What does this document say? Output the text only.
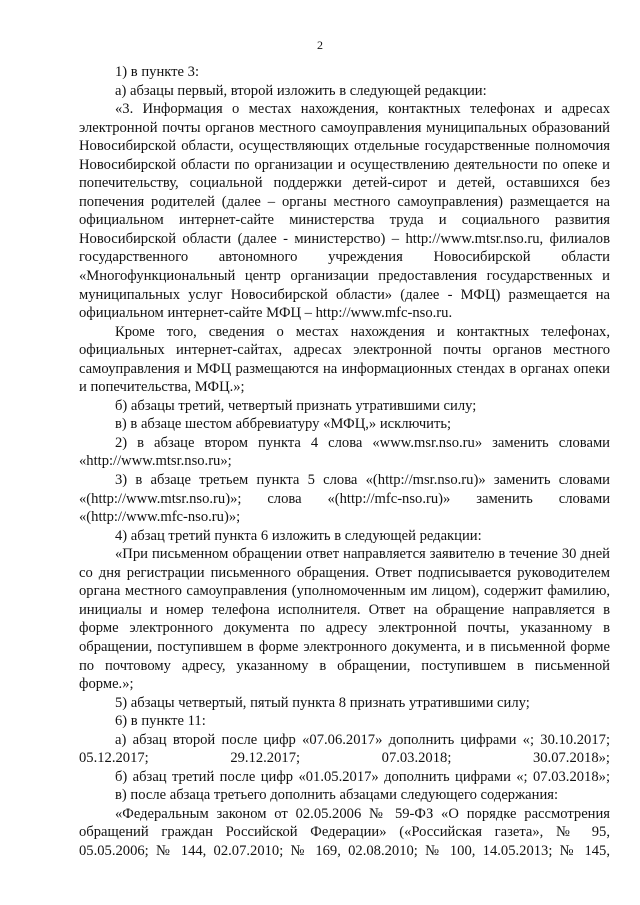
2

1) в пункте 3:

а) абзацы первый, второй изложить в следующей редакции:

«3. Информация о местах нахождения, контактных телефонах и адресах электронной почты органов местного самоуправления муниципальных образований Новосибирской области, осуществляющих отдельные государственные полномочия Новосибирской области по организации и осуществлению деятельности по опеке и попечительству, социальной поддержки детей-сирот и детей, оставшихся без попечения родителей (далее – органы местного самоуправления) размещается на официальном интернет-сайте министерства труда и социального развития Новосибирской области (далее - министерство) – http://www.mtsr.nso.ru, филиалов государственного автономного учреждения Новосибирской области «Многофункциональный центр организации предоставления государственных и муниципальных услуг Новосибирской области» (далее - МФЦ) размещается на официальном интернет-сайте МФЦ – http://www.mfc-nso.ru.

Кроме того, сведения о местах нахождения и контактных телефонах, официальных интернет-сайтах, адресах электронной почты органов местного самоуправления и МФЦ размещаются на информационных стендах в органах опеки и попечительства, МФЦ.»;

б) абзацы третий, четвертый признать утратившими силу;

в) в абзаце шестом аббревиатуру «МФЦ,» исключить;

2) в абзаце втором пункта 4 слова «www.msr.nso.ru» заменить словами «http://www.mtsr.nso.ru»;

3) в абзаце третьем пункта 5 слова «(http://msr.nso.ru)» заменить словами «(http://www.mtsr.nso.ru)»; слова «(http://mfc-nso.ru)» заменить словами «(http://www.mfc-nso.ru)»;

4) абзац третий пункта 6 изложить в следующей редакции:

«При письменном обращении ответ направляется заявителю в течение 30 дней со дня регистрации письменного обращения. Ответ подписывается руководителем органа местного самоуправления (уполномоченным им лицом), содержит фамилию, инициалы и номер телефона исполнителя. Ответ на обращение направляется в форме электронного документа по адресу электронной почты, указанному в обращении, поступившем в форме электронного документа, и в письменной форме по почтовому адресу, указанному в обращении, поступившем в письменной форме.»;

5) абзацы четвертый, пятый пункта 8 признать утратившими силу;

6) в пункте 11:

а) абзац второй после цифр «07.06.2017» дополнить цифрами «; 30.10.2017; 05.12.2017; 29.12.2017; 07.03.2018; 30.07.2018»;

б) абзац третий после цифр «01.05.2017» дополнить цифрами «; 07.03.2018»;

в) после абзаца третьего дополнить абзацами следующего содержания:

«Федеральным законом от 02.05.2006 № 59-ФЗ «О порядке рассмотрения обращений граждан Российской Федерации» («Российская газета», № 95, 05.05.2006; № 144, 02.07.2010; № 169, 02.08.2010; № 100, 14.05.2013; № 145,
